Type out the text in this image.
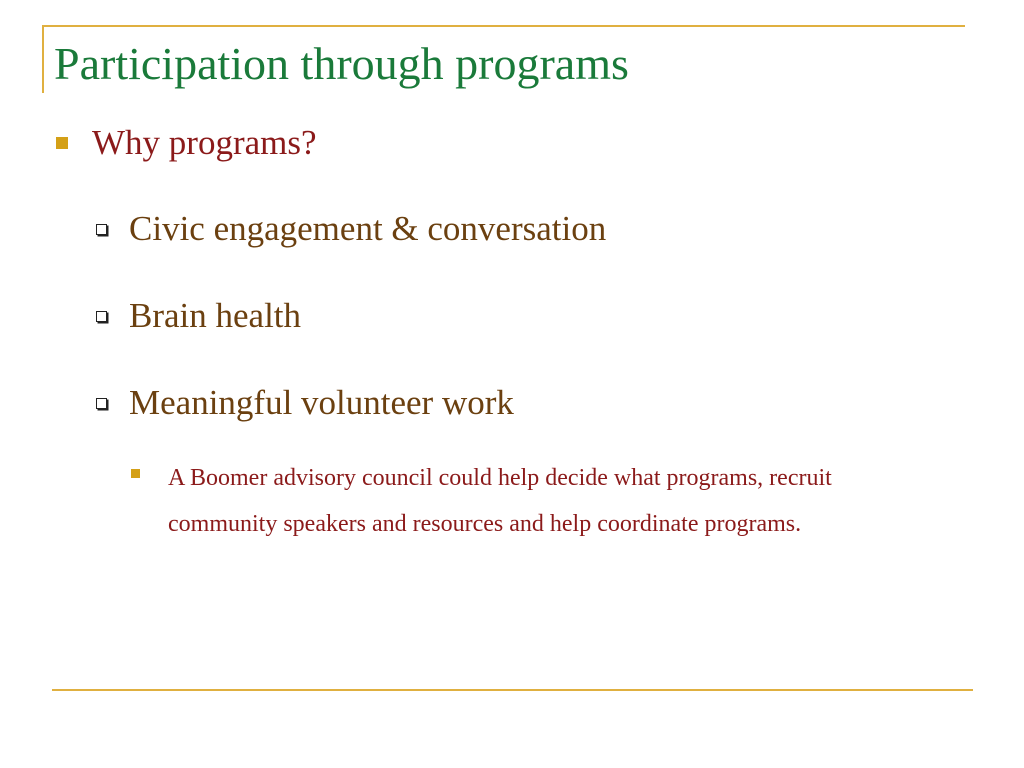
Participation through programs
Why programs?
Civic engagement & conversation
Brain health
Meaningful volunteer work
A Boomer advisory council could help decide what programs, recruit community speakers and resources and help coordinate programs.
